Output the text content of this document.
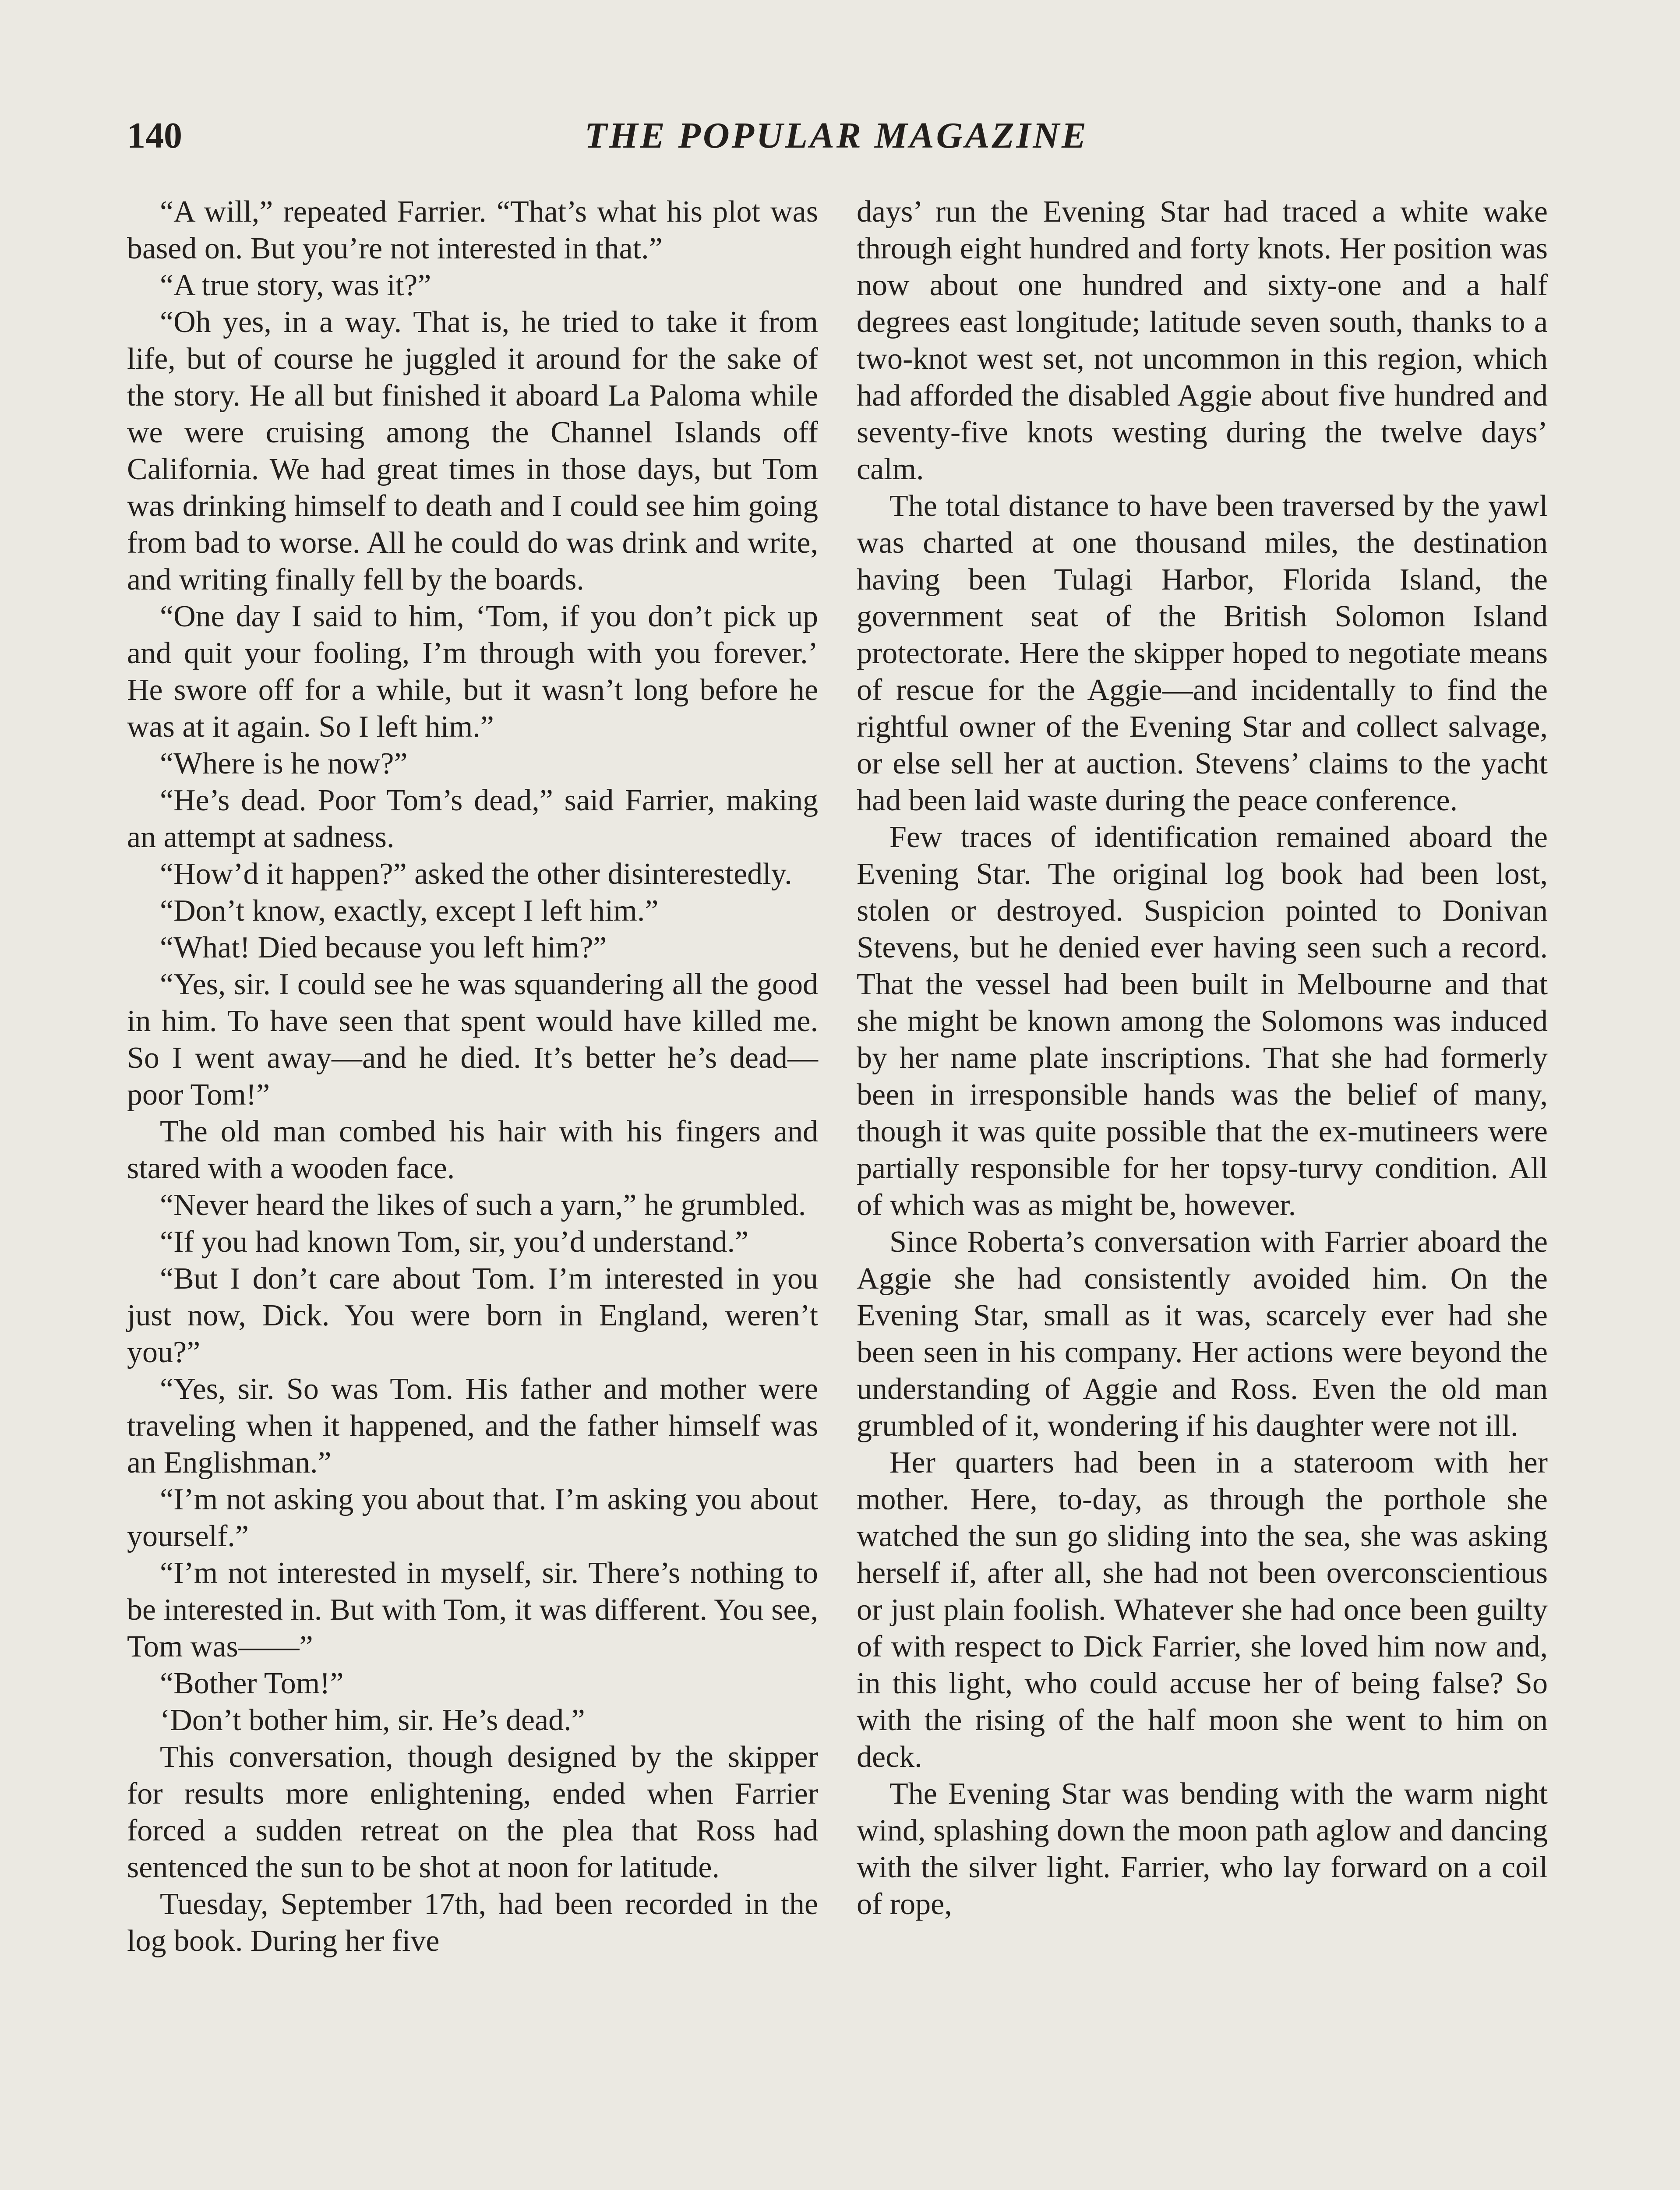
140	THE POPULAR MAGAZINE

“A will,” repeated Farrier. “That’s what his plot was based on. But you’re not interested in that.”

“A true story, was it?”

“Oh yes, in a way. That is, he tried to take it from life, but of course he juggled it around for the sake of the story. He all but finished it aboard La Paloma while we were cruising among the Channel Islands off California. We had great times in those days, but Tom was drinking himself to death and I could see him going from bad to worse. All he could do was drink and write, and writing finally fell by the boards.

“One day I said to him, ‘Tom, if you don’t pick up and quit your fooling, I’m through with you forever.’ He swore off for a while, but it wasn’t long before he was at it again. So I left him.”

“Where is he now?”

“He’s dead. Poor Tom’s dead,” said Farrier, making an attempt at sadness.

“How’d it happen?” asked the other disinterestedly.

“Don’t know, exactly, except I left him.”

“What! Died because you left him?”

“Yes, sir. I could see he was squandering all the good in him. To have seen that spent would have killed me. So I went away—and he died. It’s better he’s dead—poor Tom!”

The old man combed his hair with his fingers and stared with a wooden face.

“Never heard the likes of such a yarn,” he grumbled.

“If you had known Tom, sir, you’d understand.”

“But I don’t care about Tom. I’m interested in you just now, Dick. You were born in England, weren’t you?”

“Yes, sir. So was Tom. His father and mother were traveling when it happened, and the father himself was an Englishman.”

“I’m not asking you about that. I’m asking you about yourself.”

“I’m not interested in myself, sir. There’s nothing to be interested in. But with Tom, it was different. You see, Tom was——”

“Bother Tom!”

‘Don’t bother him, sir. He’s dead.”

This conversation, though designed by the skipper for results more enlightening, ended when Farrier forced a sudden retreat on the plea that Ross had sentenced the sun to be shot at noon for latitude.

Tuesday, September 17th, had been recorded in the log book. During her five

days’ run the Evening Star had traced a white wake through eight hundred and forty knots. Her position was now about one hundred and sixty-one and a half degrees east longitude; latitude seven south, thanks to a two-knot west set, not uncommon in this region, which had afforded the disabled Aggie about five hundred and seventy-five knots westing during the twelve days’ calm.

The total distance to have been traversed by the yawl was charted at one thousand miles, the destination having been Tulagi Harbor, Florida Island, the government seat of the British Solomon Island protectorate. Here the skipper hoped to negotiate means of rescue for the Aggie—and incidentally to find the rightful owner of the Evening Star and collect salvage, or else sell her at auction. Stevens’ claims to the yacht had been laid waste during the peace conference.

Few traces of identification remained aboard the Evening Star. The original log book had been lost, stolen or destroyed. Suspicion pointed to Donivan Stevens, but he denied ever having seen such a record. That the vessel had been built in Melbourne and that she might be known among the Solomons was induced by her name plate inscriptions. That she had formerly been in irresponsible hands was the belief of many, though it was quite possible that the ex-mutineers were partially responsible for her topsy-turvy condition. All of which was as might be, however.

Since Roberta’s conversation with Farrier aboard the Aggie she had consistently avoided him. On the Evening Star, small as it was, scarcely ever had she been seen in his company. Her actions were beyond the understanding of Aggie and Ross. Even the old man grumbled of it, wondering if his daughter were not ill.

Her quarters had been in a stateroom with her mother. Here, to-day, as through the porthole she watched the sun go sliding into the sea, she was asking herself if, after all, she had not been overconscientious or just plain foolish. Whatever she had once been guilty of with respect to Dick Farrier, she loved him now and, in this light, who could accuse her of being false? So with the rising of the half moon she went to him on deck.

The Evening Star was bending with the warm night wind, splashing down the moon path aglow and dancing with the silver light. Farrier, who lay forward on a coil of rope,
